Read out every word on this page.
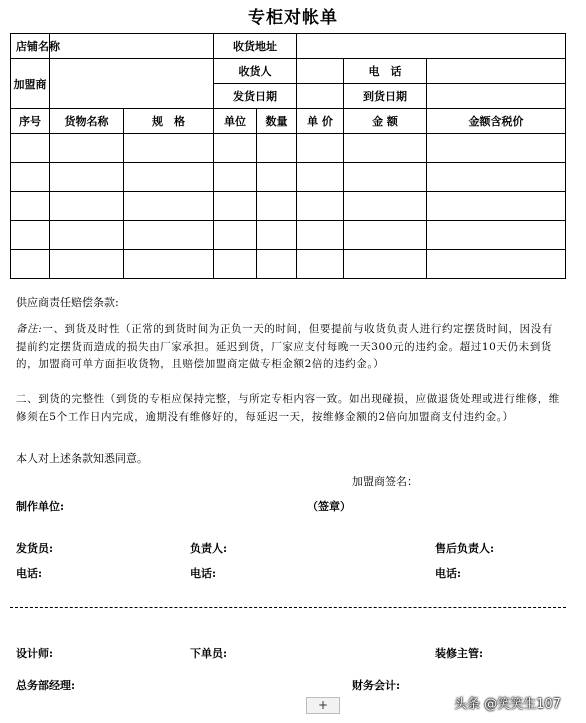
专柜对帐单
店铺名称			收货地址				
加盟商			收货人			电　话	
			发货日期			到货日期	
序号	货物名称	规　格	单位	数量	单 价	金 额	金额含税价

供应商责任赔偿条款:
备注:一、到货及时性（正常的到货时间为正负一天的时间，但要提前与收货负责人进行约定摆货时间，因没有提前约定摆货而造成的损失由厂家承担。延迟到货，厂家应支付每晚一天300元的违约金。超过10天仍未到货的，加盟商可单方面拒收货物，且赔偿加盟商定做专柜金额2倍的违约金。）
二、到货的完整性（到货的专柜应保持完整，与所定专柜内容一致。如出现碰损，应做退货处理或进行维修，维修须在5个工作日内完成，逾期没有维修好的，每延迟一天，按维修金额的2倍向加盟商支付违约金。）
本人对上述条款知悉同意。
加盟商签名：
制作单位:	（签章）
发货员:	负责人:	售后负责人:
电话:	电话:	电话:
设计师:	下单员:	装修主管:
总务部经理:	财务会计:
+	头条 @笑笑生107
